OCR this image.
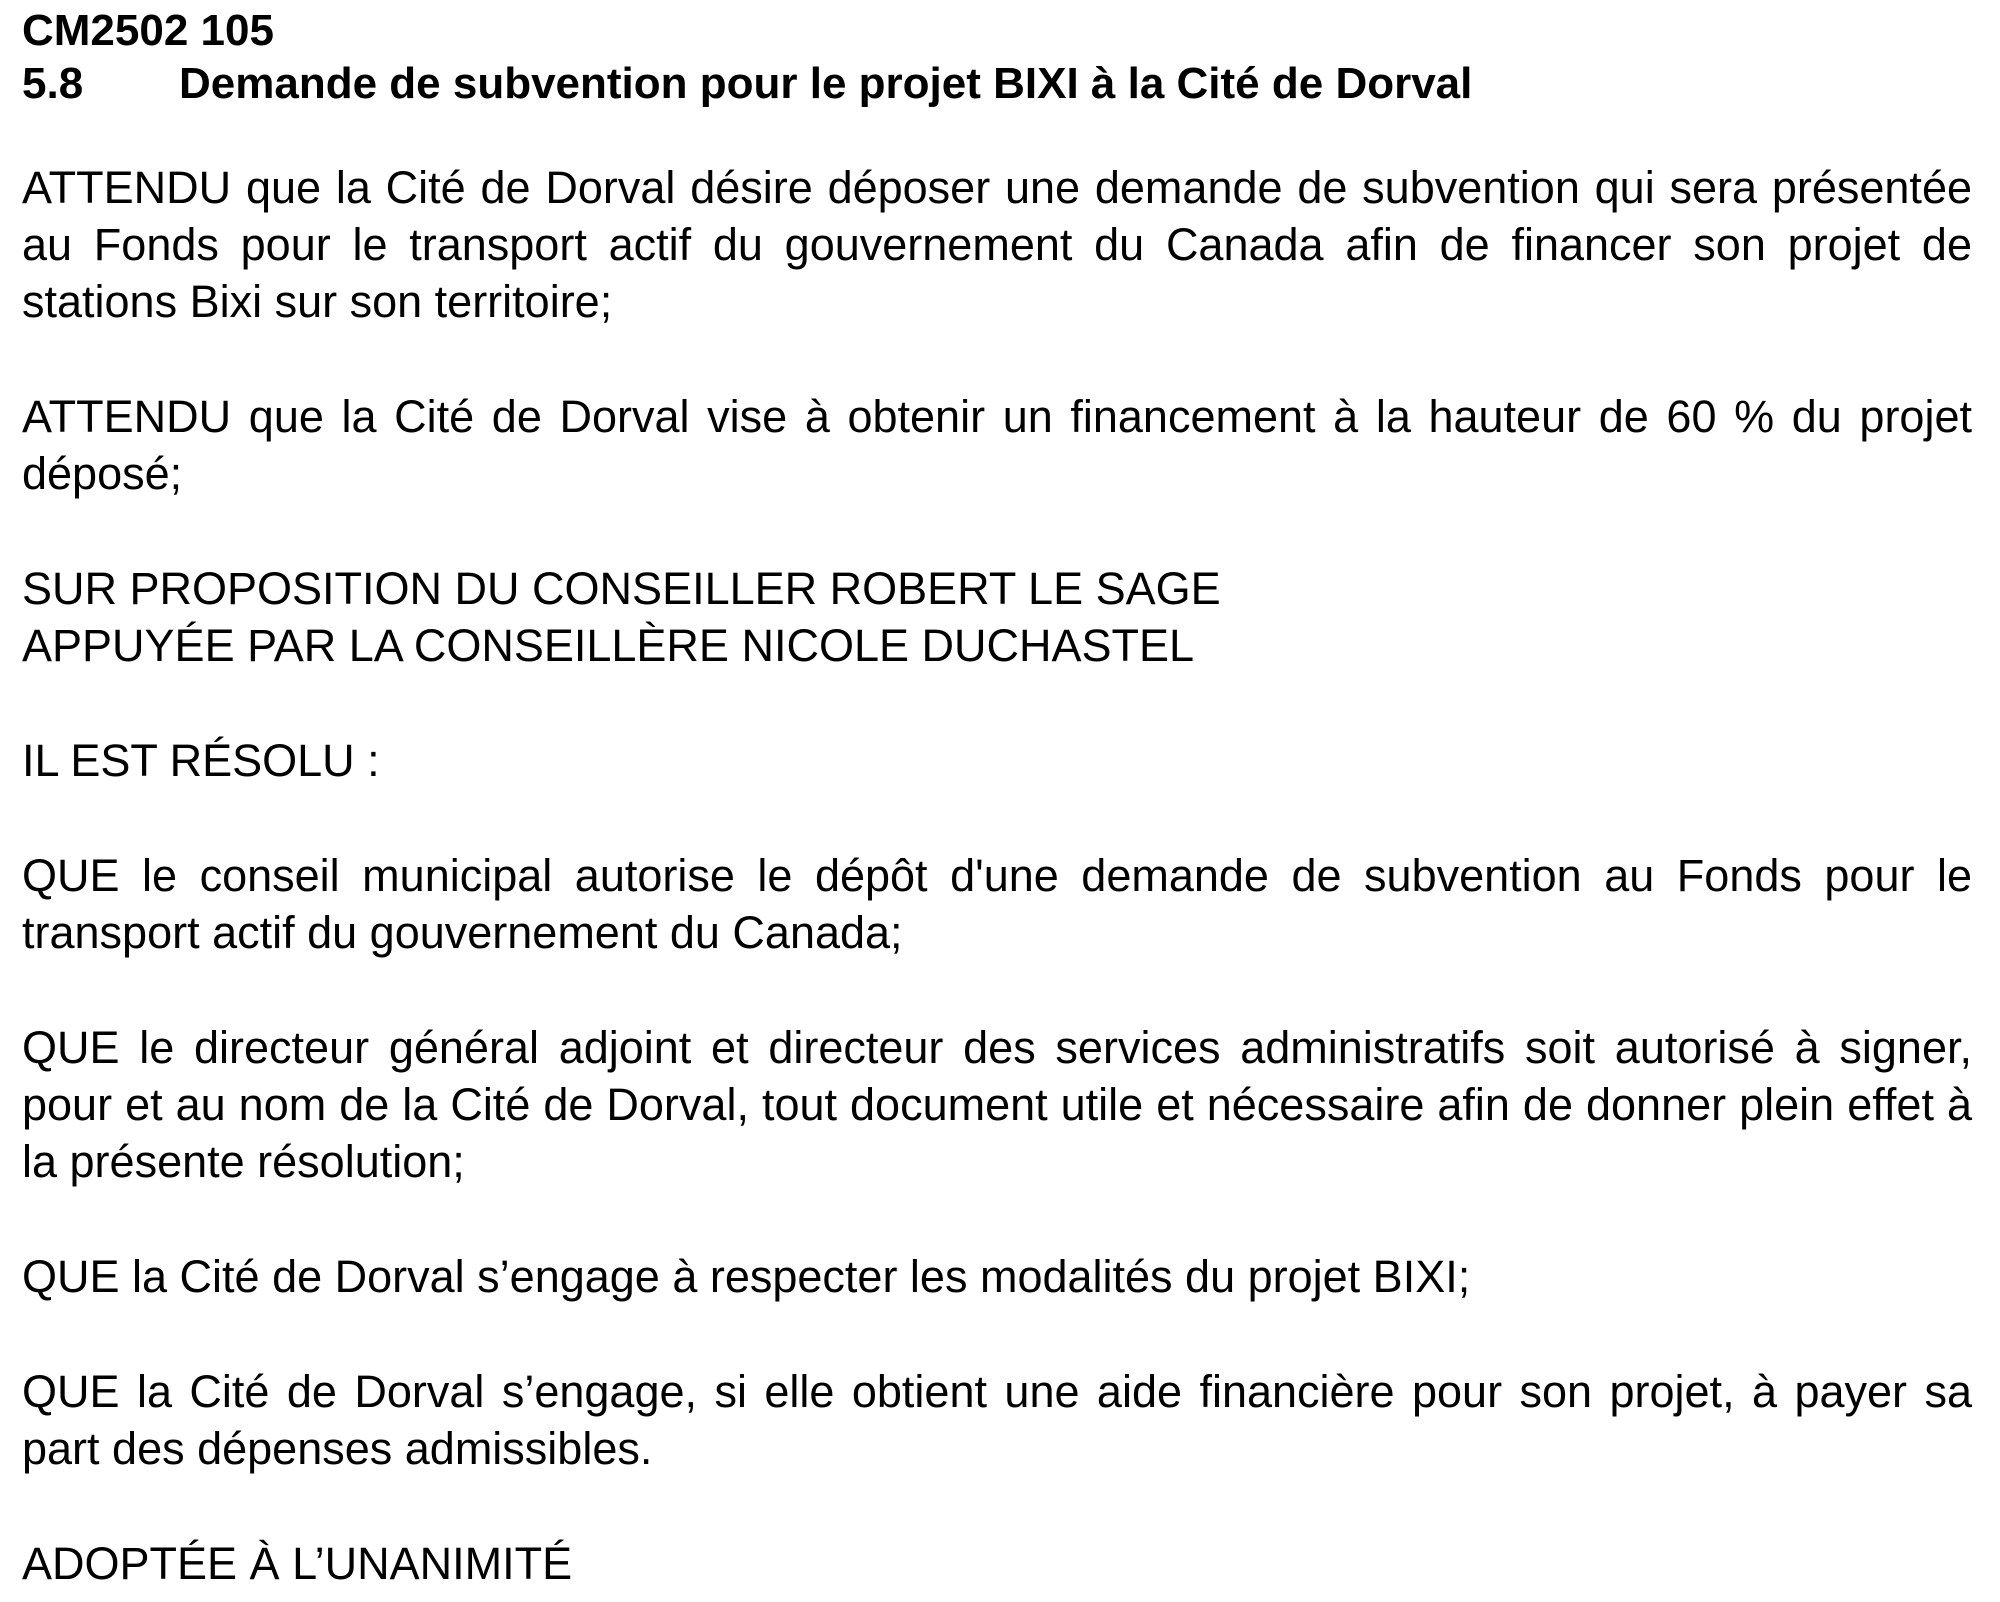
CM2502 105

5.8	Demande de subvention pour le projet BIXI à la Cité de Dorval

ATTENDU que la Cité de Dorval désire déposer une demande de subvention qui sera présentée au Fonds pour le transport actif du gouvernement du Canada afin de financer son projet de stations Bixi sur son territoire;

ATTENDU que la Cité de Dorval vise à obtenir un financement à la hauteur de 60 % du projet déposé;

SUR PROPOSITION DU CONSEILLER ROBERT LE SAGE
APPUYÉE PAR LA CONSEILLÈRE NICOLE DUCHASTEL

IL EST RÉSOLU :

QUE le conseil municipal autorise le dépôt d'une demande de subvention au Fonds pour le transport actif du gouvernement du Canada;

QUE le directeur général adjoint et directeur des services administratifs soit autorisé à signer, pour et au nom de la Cité de Dorval, tout document utile et nécessaire afin de donner plein effet à la présente résolution;

QUE la Cité de Dorval s’engage à respecter les modalités du projet BIXI;

QUE la Cité de Dorval s’engage, si elle obtient une aide financière pour son projet, à payer sa part des dépenses admissibles.

ADOPTÉE À L’UNANIMITÉ
